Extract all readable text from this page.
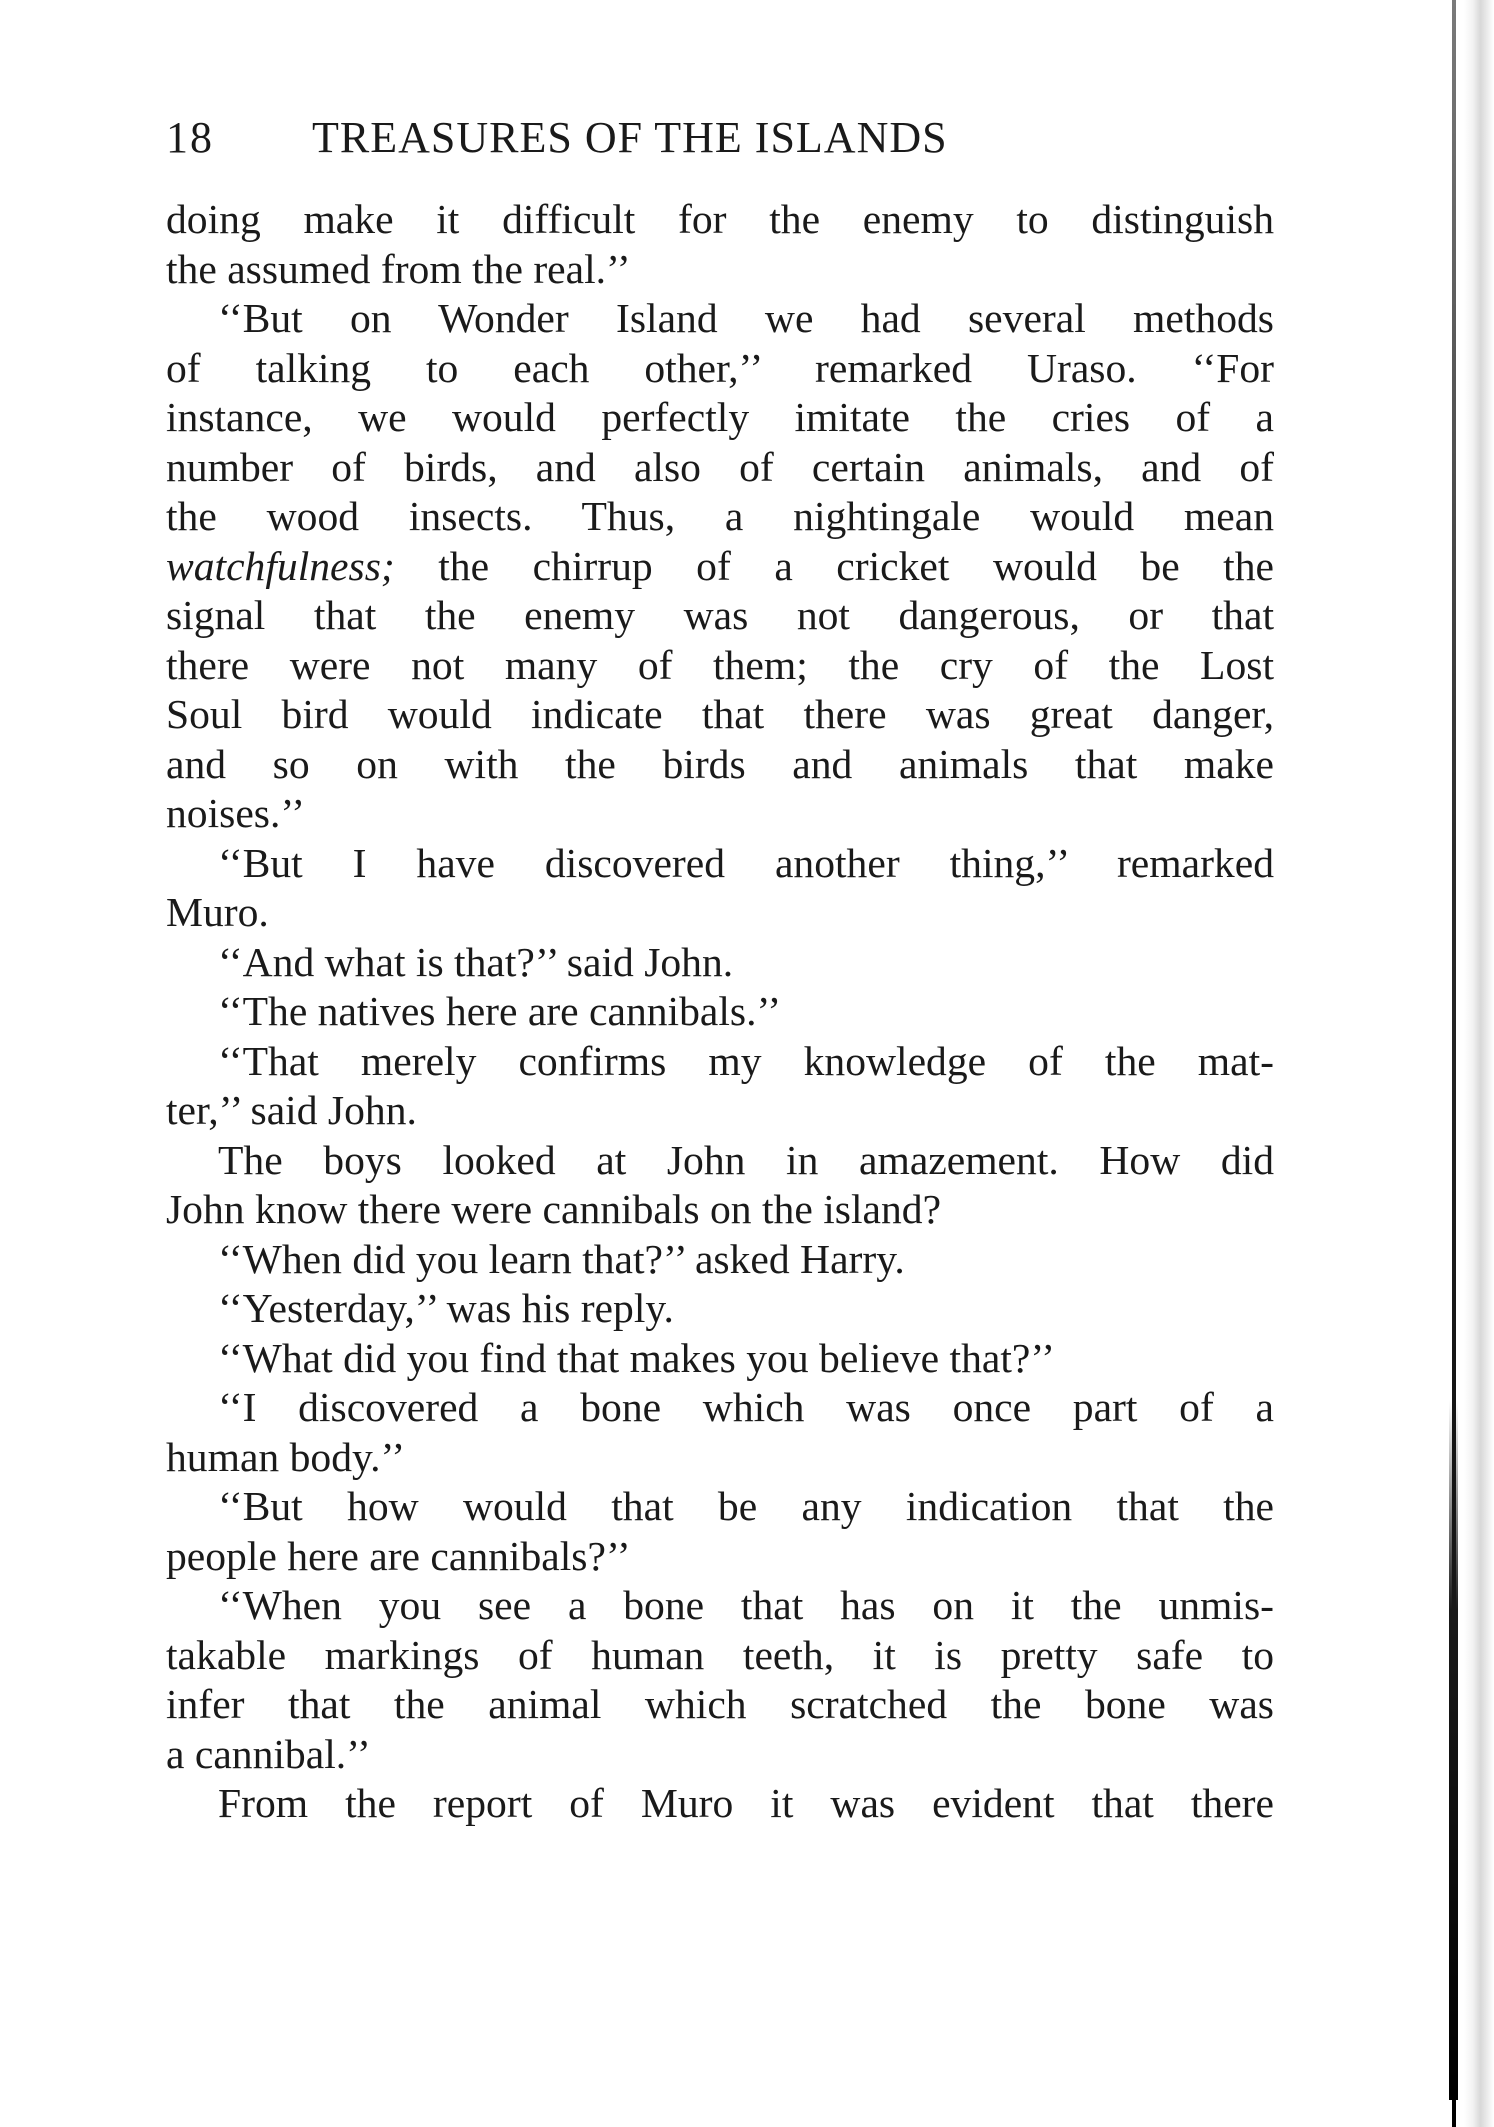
18 TREASURES OF THE ISLANDS
doing make it difficult for the enemy to distinguish
the assumed from the real.’’
‘‘But on Wonder Island we had several methods
of talking to each other,’’ remarked Uraso. ‘‘For
instance, we would perfectly imitate the cries of a
number of birds, and also of certain animals, and of
the wood insects. Thus, a nightingale would mean
watchfulness; the chirrup of a cricket would be the
signal that the enemy was not dangerous, or that
there were not many of them; the cry of the Lost
Soul bird would indicate that there was great danger,
and so on with the birds and animals that make
noises.’’
‘‘But I have discovered another thing,’’ remarked
Muro.
‘‘And what is that?’’ said John.
‘‘The natives here are cannibals.’’
‘‘That merely confirms my knowledge of the mat-
ter,’’ said John.
The boys looked at John in amazement. How did
John know there were cannibals on the island?
‘‘When did you learn that?’’ asked Harry.
‘‘Yesterday,’’ was his reply.
‘‘What did you find that makes you believe that?’’
‘‘I discovered a bone which was once part of a
human body.’’
‘‘But how would that be any indication that the
people here are cannibals?’’
‘‘When you see a bone that has on it the unmis-
takable markings of human teeth, it is pretty safe to
infer that the animal which scratched the bone was
a cannibal.’’
From the report of Muro it was evident that there
